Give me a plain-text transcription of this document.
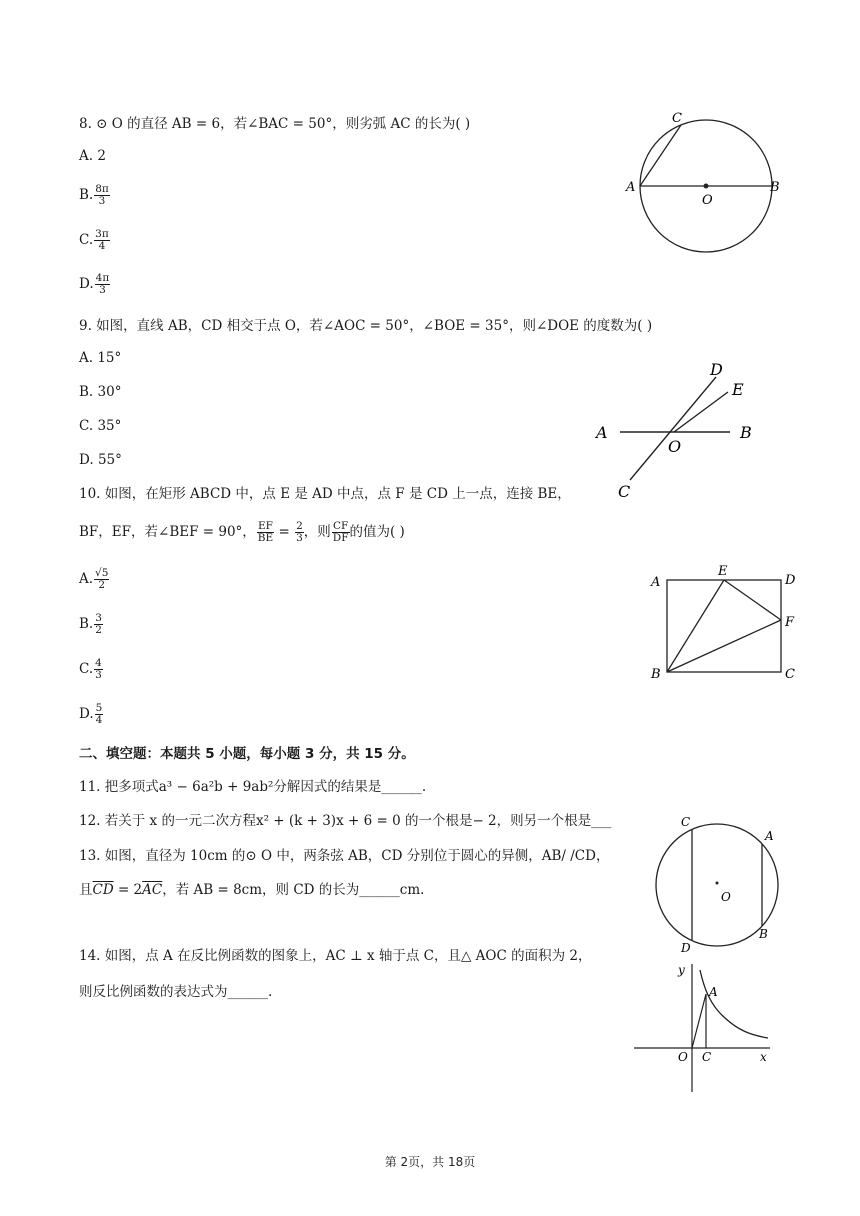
8. ⊙ O 的直径 AB = 6，若∠BAC = 50°，则劣弧 AC 的长为( )
A. 2
B. $\frac{8\pi}{3}$
C. $\frac{3\pi}{4}$
D. $\frac{4\pi}{3}$
C
A
O
B
9. 如图，直线 AB，CD 相交于点 O，若∠AOC = 50°，∠BOE = 35°，则∠DOE 的度数为( )
A. 15°
B. 30°
C. 35°
D. 55°
D
E
A
O
B
C
10. 如图，在矩形 ABCD 中，点 E 是 AD 中点，点 F 是 CD 上一点，连接 BE，
BF，EF，若∠BEF = 90°， $\frac{EF}{BE} = \frac{2}{3}$ ，则 $\frac{CF}{DF}$ 的值为( )
A. $\frac{√5}{2}$
B. $\frac{3}{2}$
C. $\frac{4}{3}$
D. $\frac{5}{4}$
A
E
D
F
B	C
二、填空题：本题共 5 小题，每小题 3 分，共 15 分。
11. 把多项式a³ − 6a²b + 9ab²分解因式的结果是______.
12. 若关于 x 的一元二次方程x² + (k + 3)x + 6 = 0 的一个根是− 2，则另一个根是___
13. 如图，直径为 10cm 的⊙ O 中，两条弦 AB，CD 分别位于圆心的异侧，AB/ /CD，
且$\overline{CD} = 2\overline{AC}$，若 AB = 8cm，则 CD 的长为______cm.
C
A
O
D
B
14. 如图，点 A 在反比例函数的图象上，AC ⊥ x 轴于点 C，且△ AOC 的面积为 2，
则反比例函数的表达式为______.
y
A
O C	x
第 2页，共 18页
